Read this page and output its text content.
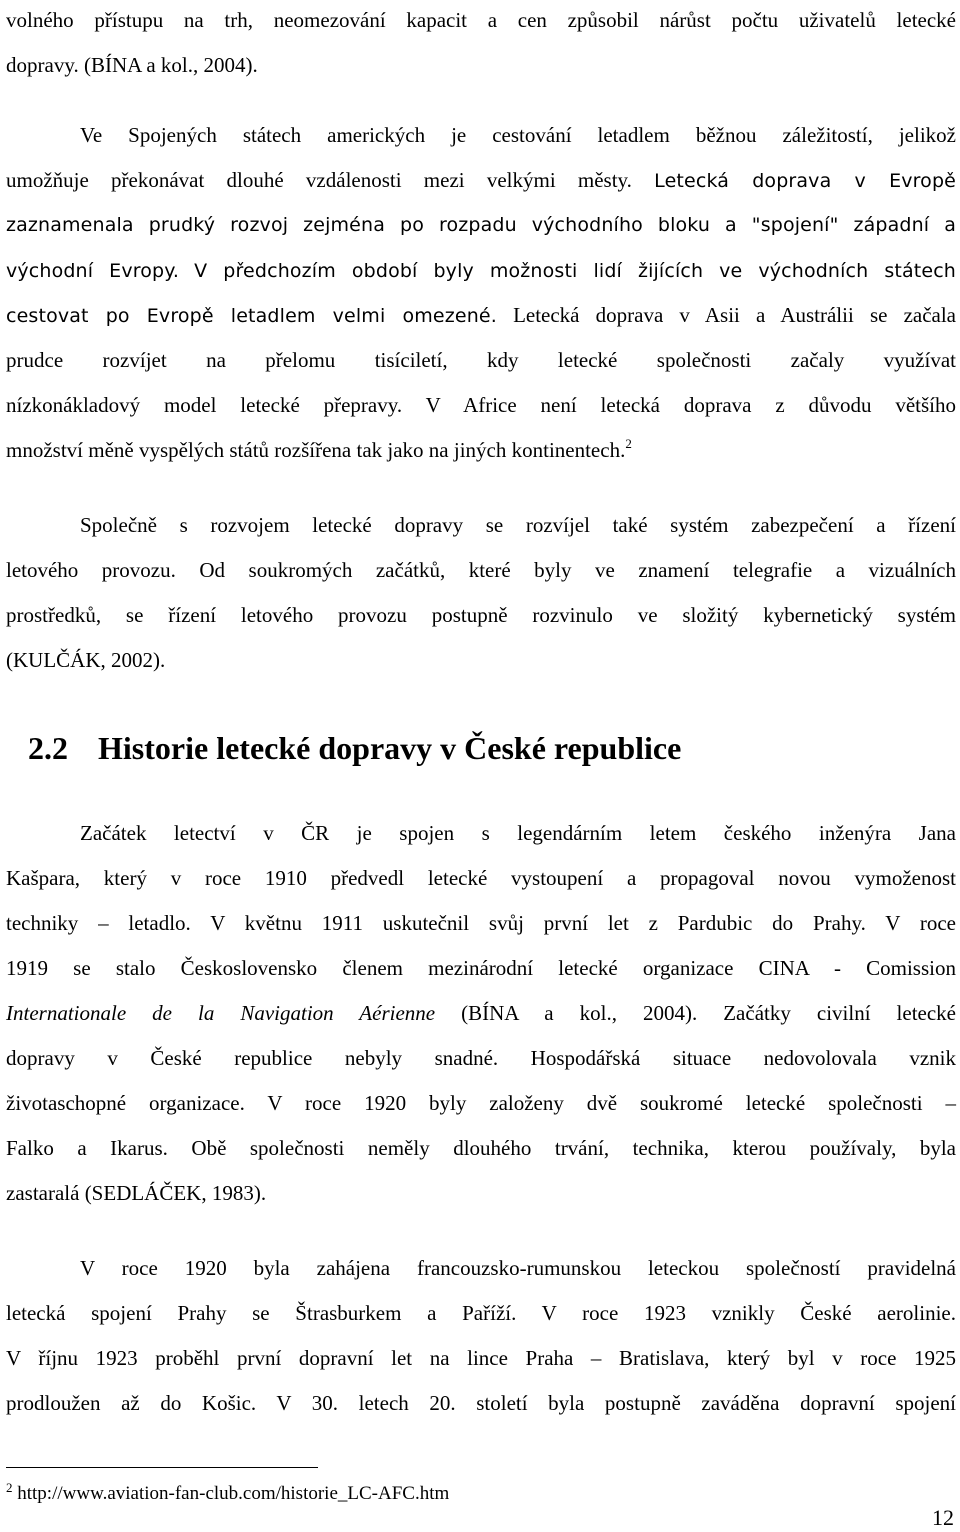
volného přístupu na trh, neomezování kapacit a cen způsobil nárůst počtu uživatelů letecké
dopravy. (BÍNA a kol., 2004).
Ve Spojených státech amerických je cestování letadlem běžnou záležitostí, jelikož
umožňuje překonávat dlouhé vzdálenosti mezi velkými městy. Letecká doprava v Evropě
zaznamenala prudký rozvoj zejména po rozpadu východního bloku a "spojení" západní a
východní Evropy. V předchozím období byly možnosti lidí žijících ve východních státech
cestovat po Evropě letadlem velmi omezené. Letecká doprava v Asii a Austrálii se začala
prudce rozvíjet na přelomu tisíciletí, kdy letecké společnosti začaly využívat
nízkonákladový model letecké přepravy. V Africe není letecká doprava z důvodu většího
množství měně vyspělých států rozšířena tak jako na jiných kontinentech.$^2$
Společně s rozvojem letecké dopravy se rozvíjel také systém zabezpečení a řízení
letového provozu. Od soukromých začátků, které byly ve znamení telegrafie a vizuálních
prostředků, se řízení letového provozu postupně rozvinulo ve složitý kybernetický systém
(KULČÁK, 2002).
2.2 Historie letecké dopravy v České republice
Začátek letectví v ČR je spojen s legendárním letem českého inženýra Jana
Kašpara, který v roce 1910 předvedl letecké vystoupení a propagoval novou vymoženost
techniky – letadlo. V květnu 1911 uskutečnil svůj první let z Pardubic do Prahy. V roce
1919 se stalo Československo členem mezinárodní letecké organizace CINA - Comission
Internationale de la Navigation Aérienne (BÍNA a kol., 2004). Začátky civilní letecké
dopravy v České republice nebyly snadné. Hospodářská situace nedovolovala vznik
životaschopné organizace. V roce 1920 byly založeny dvě soukromé letecké společnosti –
Falko a Ikarus. Obě společnosti neměly dlouhého trvání, technika, kterou používaly, byla
zastaralá (SEDLÁČEK, 1983).
V roce 1920 byla zahájena francouzsko-rumunskou leteckou společností pravidelná
letecká spojení Prahy se Štrasburkem a Paříží. V roce 1923 vznikly České aerolinie.
V říjnu 1923 proběhl první dopravní let na lince Praha – Bratislava, který byl v roce 1925
prodloužen až do Košic. V 30. letech 20. století byla postupně zaváděna dopravní spojení
$^2$ http://www.aviation-fan-club.com/historie_LC-AFC.htm
12
